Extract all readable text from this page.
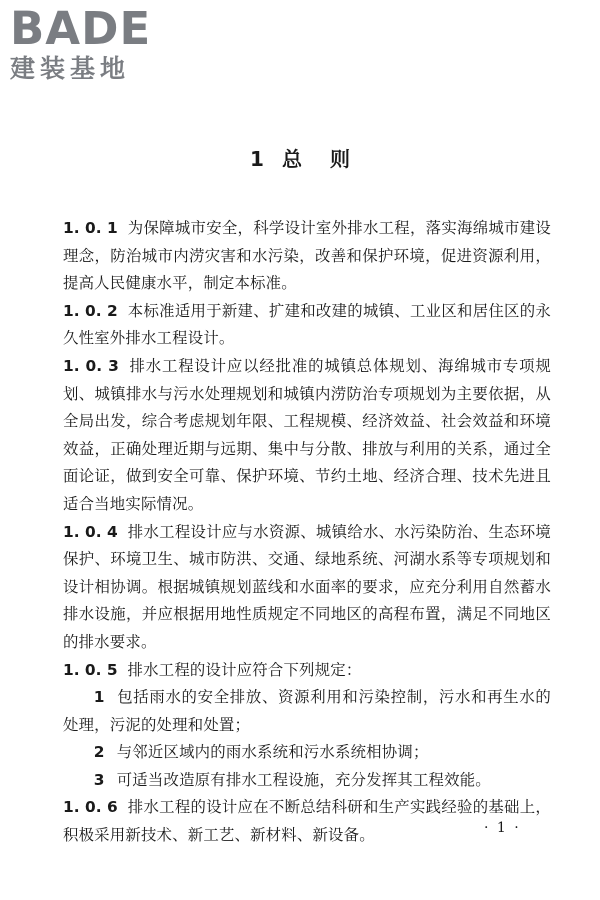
BADE
建装基地
1 总 则

1. 0. 1 为保障城市安全，科学设计室外排水工程，落实海绵城市建设理念，防治城市内涝灾害和水污染，改善和保护环境，促进资源利用，提高人民健康水平，制定本标准。

1. 0. 2 本标准适用于新建、扩建和改建的城镇、工业区和居住区的永久性室外排水工程设计。

1. 0. 3 排水工程设计应以经批准的城镇总体规划、海绵城市专项规划、城镇排水与污水处理规划和城镇内涝防治专项规划为主要依据，从全局出发，综合考虑规划年限、工程规模、经济效益、社会效益和环境效益，正确处理近期与远期、集中与分散、排放与利用的关系，通过全面论证，做到安全可靠、保护环境、节约土地、经济合理、技术先进且适合当地实际情况。

1. 0. 4 排水工程设计应与水资源、城镇给水、水污染防治、生态环境保护、环境卫生、城市防洪、交通、绿地系统、河湖水系等专项规划和设计相协调。根据城镇规划蓝线和水面率的要求，应充分利用自然蓄水排水设施，并应根据用地性质规定不同地区的高程布置，满足不同地区的排水要求。

1. 0. 5 排水工程的设计应符合下列规定：

1 包括雨水的安全排放、资源利用和污染控制，污水和再生水的处理，污泥的处理和处置；

2 与邻近区域内的雨水系统和污水系统相协调；

3 可适当改造原有排水工程设施，充分发挥其工程效能。

1. 0. 6 排水工程的设计应在不断总结科研和生产实践经验的基础上，积极采用新技术、新工艺、新材料、新设备。	· 1 ·
